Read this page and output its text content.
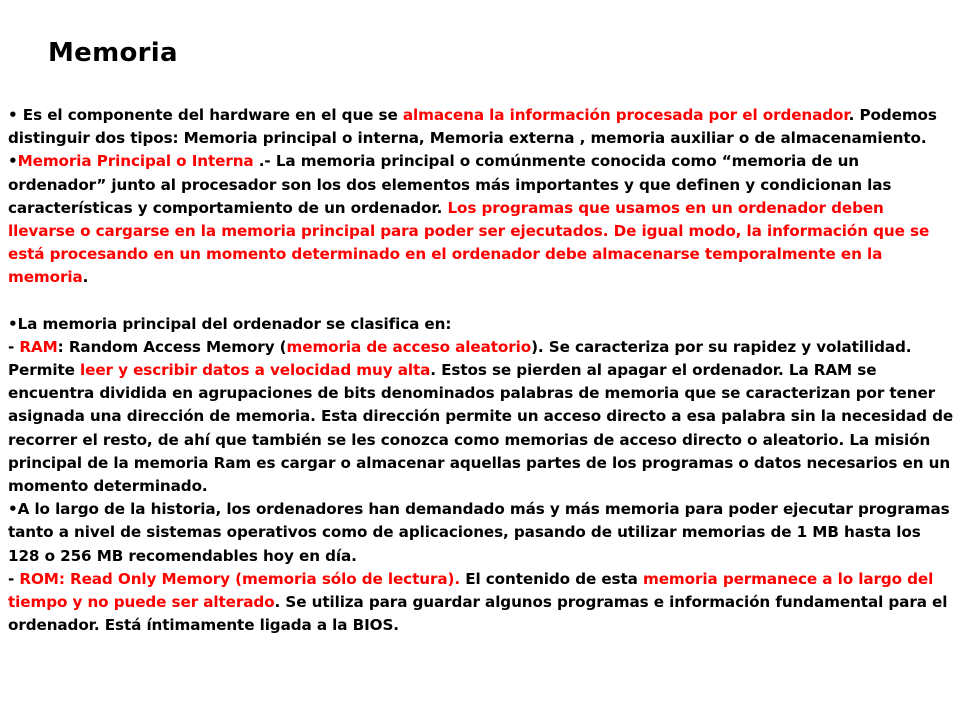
Memoria

• Es el componente del hardware en el que se almacena la información procesada por el ordenador. Podemos distinguir dos tipos: Memoria principal o interna, Memoria externa , memoria auxiliar o de almacenamiento.

•Memoria Principal o Interna .- La memoria principal o comúnmente conocida como “memoria de un ordenador” junto al procesador son los dos elementos más importantes y que definen y condicionan las características y comportamiento de un ordenador. Los programas que usamos en un ordenador deben llevarse o cargarse en la memoria principal para poder ser ejecutados. De igual modo, la información que se está procesando en un momento determinado en el ordenador debe almacenarse temporalmente en la memoria.

•La memoria principal del ordenador se clasifica en:

- RAM: Random Access Memory (memoria de acceso aleatorio). Se caracteriza por su rapidez y volatilidad. Permite leer y escribir datos a velocidad muy alta. Estos se pierden al apagar el ordenador. La RAM se encuentra dividida en agrupaciones de bits denominados palabras de memoria que se caracterizan por tener asignada una dirección de memoria. Esta dirección permite un acceso directo a esa palabra sin la necesidad de recorrer el resto, de ahí que también se les conozca como memorias de acceso directo o aleatorio. La misión principal de la memoria Ram es cargar o almacenar aquellas partes de los programas o datos necesarios en un momento determinado.

•A lo largo de la historia, los ordenadores han demandado más y más memoria para poder ejecutar programas tanto a nivel de sistemas operativos como de aplicaciones, pasando de utilizar memorias de 1 MB hasta los 128 o 256 MB recomendables hoy en día.

- ROM: Read Only Memory (memoria sólo de lectura). El contenido de esta memoria permanece a lo largo del tiempo y no puede ser alterado. Se utiliza para guardar algunos programas e información fundamental para el ordenador. Está íntimamente ligada a la BIOS.
